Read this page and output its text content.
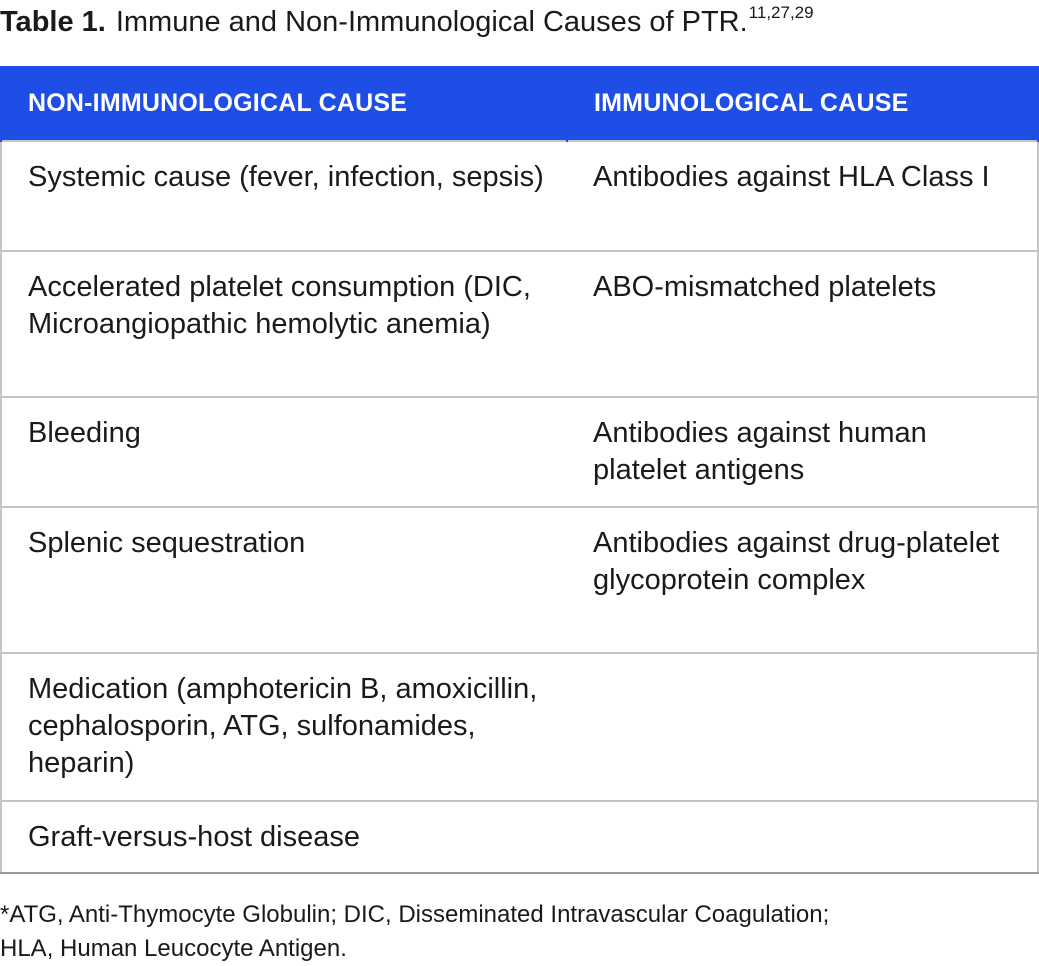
Table 1. Immune and Non-Immunological Causes of PTR.$^{11,27,29}$
NON-IMMUNOLOGICAL CAUSE	IMMUNOLOGICAL CAUSE
Systemic cause (fever, infection, sepsis)	Antibodies against HLA Class I
Accelerated platelet consumption (DIC, Microangiopathic hemolytic anemia)	ABO-mismatched platelets
Bleeding	Antibodies against human platelet antigens
Splenic sequestration	Antibodies against drug-platelet glycoprotein complex
Medication (amphotericin B, amoxicillin, cephalosporin, ATG, sulfonamides, heparin)	
Graft-versus-host disease	
*ATG, Anti-Thymocyte Globulin; DIC, Disseminated Intravascular Coagulation;
HLA, Human Leucocyte Antigen.
